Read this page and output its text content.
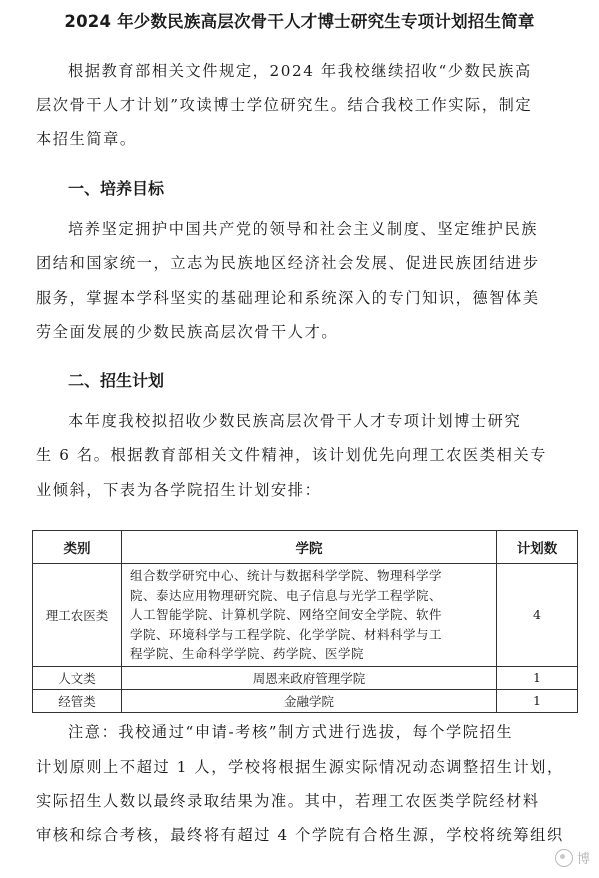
2024 年少数民族高层次骨干人才博士研究生专项计划招生简章
根据教育部相关文件规定，2024 年我校继续招收“少数民族高
层次骨干人才计划”攻读博士学位研究生。结合我校工作实际，制定
本招生简章。
一、培养目标
培养坚定拥护中国共产党的领导和社会主义制度、坚定维护民族
团结和国家统一，立志为民族地区经济社会发展、促进民族团结进步
服务，掌握本学科坚实的基础理论和系统深入的专门知识，德智体美
劳全面发展的少数民族高层次骨干人才。
二、招生计划
本年度我校拟招收少数民族高层次骨干人才专项计划博士研究
生 6 名。根据教育部相关文件精神，该计划优先向理工农医类相关专
业倾斜，下表为各学院招生计划安排：
类别	学院	计划数
理工农医类	组合数学研究中心、统计与数据科学学院、物理科学学
院、泰达应用物理研究院、电子信息与光学工程学院、
人工智能学院、计算机学院、网络空间安全学院、软件
学院、环境科学与工程学院、化学学院、材料科学与工
程学院、生命科学学院、药学院、医学院	4
人文类	周恩来政府管理学院	1
经管类	金融学院	1
注意：我校通过“申请-考核”制方式进行选拔，每个学院招生
计划原则上不超过 1 人，学校将根据生源实际情况动态调整招生计划，
实际招生人数以最终录取结果为准。其中，若理工农医类学院经材料
审核和综合考核，最终将有超过 4 个学院有合格生源，学校将统筹组织
博
